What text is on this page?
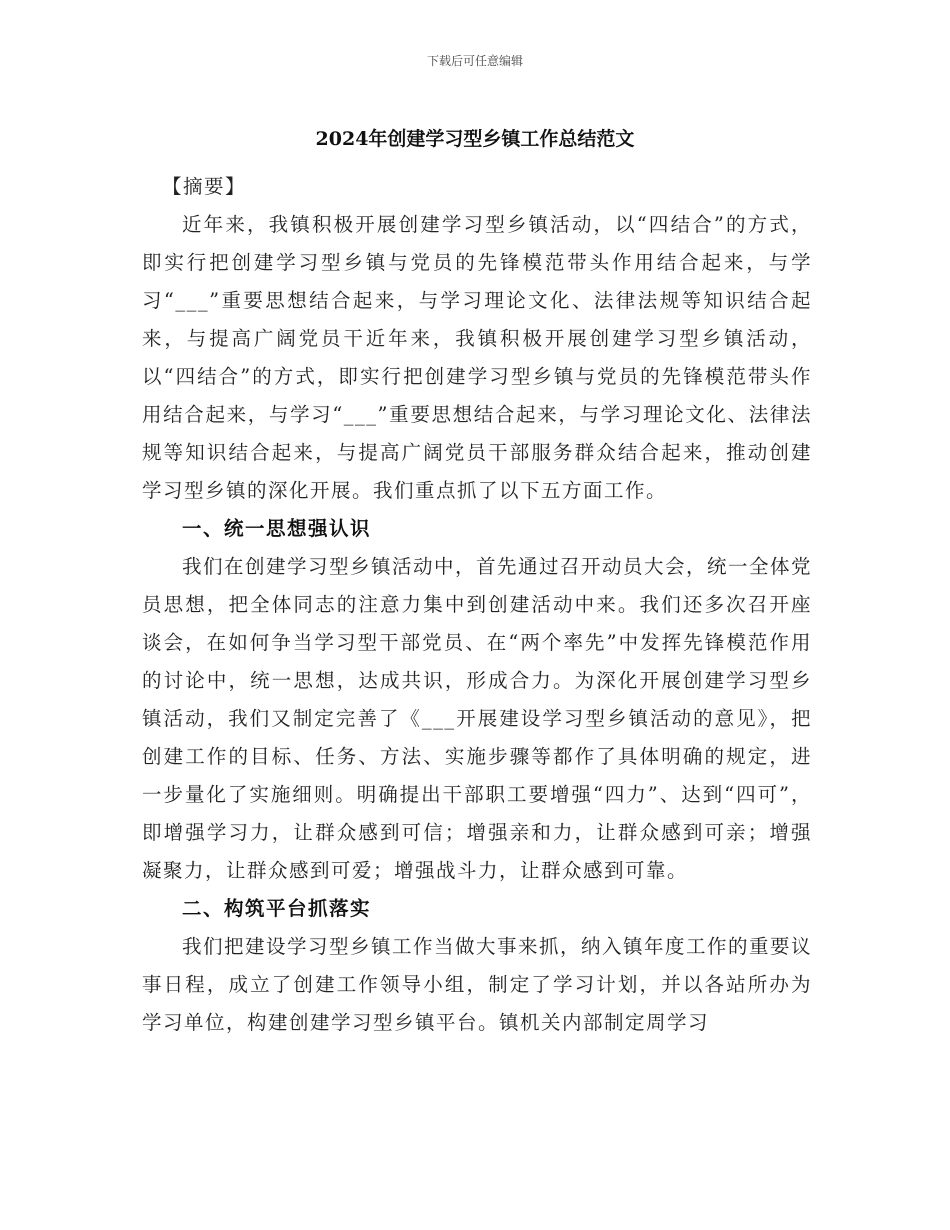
下载后可任意编辑
2024年创建学习型乡镇工作总结范文

【摘要】

近年来，我镇积极开展创建学习型乡镇活动，以“四结合”的方式，即实行把创建学习型乡镇与党员的先锋模范带头作用结合起来，与学习“___”重要思想结合起来，与学习理论文化、法律法规等知识结合起来，与提高广阔党员干近年来，我镇积极开展创建学习型乡镇活动，以“四结合”的方式，即实行把创建学习型乡镇与党员的先锋模范带头作用结合起来，与学习“___”重要思想结合起来，与学习理论文化、法律法规等知识结合起来，与提高广阔党员干部服务群众结合起来，推动创建学习型乡镇的深化开展。我们重点抓了以下五方面工作。

一、统一思想强认识

我们在创建学习型乡镇活动中，首先通过召开动员大会，统一全体党员思想，把全体同志的注意力集中到创建活动中来。我们还多次召开座谈会，在如何争当学习型干部党员、在“两个率先”中发挥先锋模范作用的讨论中，统一思想，达成共识，形成合力。为深化开展创建学习型乡镇活动，我们又制定完善了《___开展建设学习型乡镇活动的意见》，把创建工作的目标、任务、方法、实施步骤等都作了具体明确的规定，进一步量化了实施细则。明确提出干部职工要增强“四力”、达到“四可”，即增强学习力，让群众感到可信；增强亲和力，让群众感到可亲；增强凝聚力，让群众感到可爱；增强战斗力，让群众感到可靠。

二、构筑平台抓落实

我们把建设学习型乡镇工作当做大事来抓，纳入镇年度工作的重要议事日程，成立了创建工作领导小组，制定了学习计划，并以各站所办为学习单位，构建创建学习型乡镇平台。镇机关内部制定周学习
